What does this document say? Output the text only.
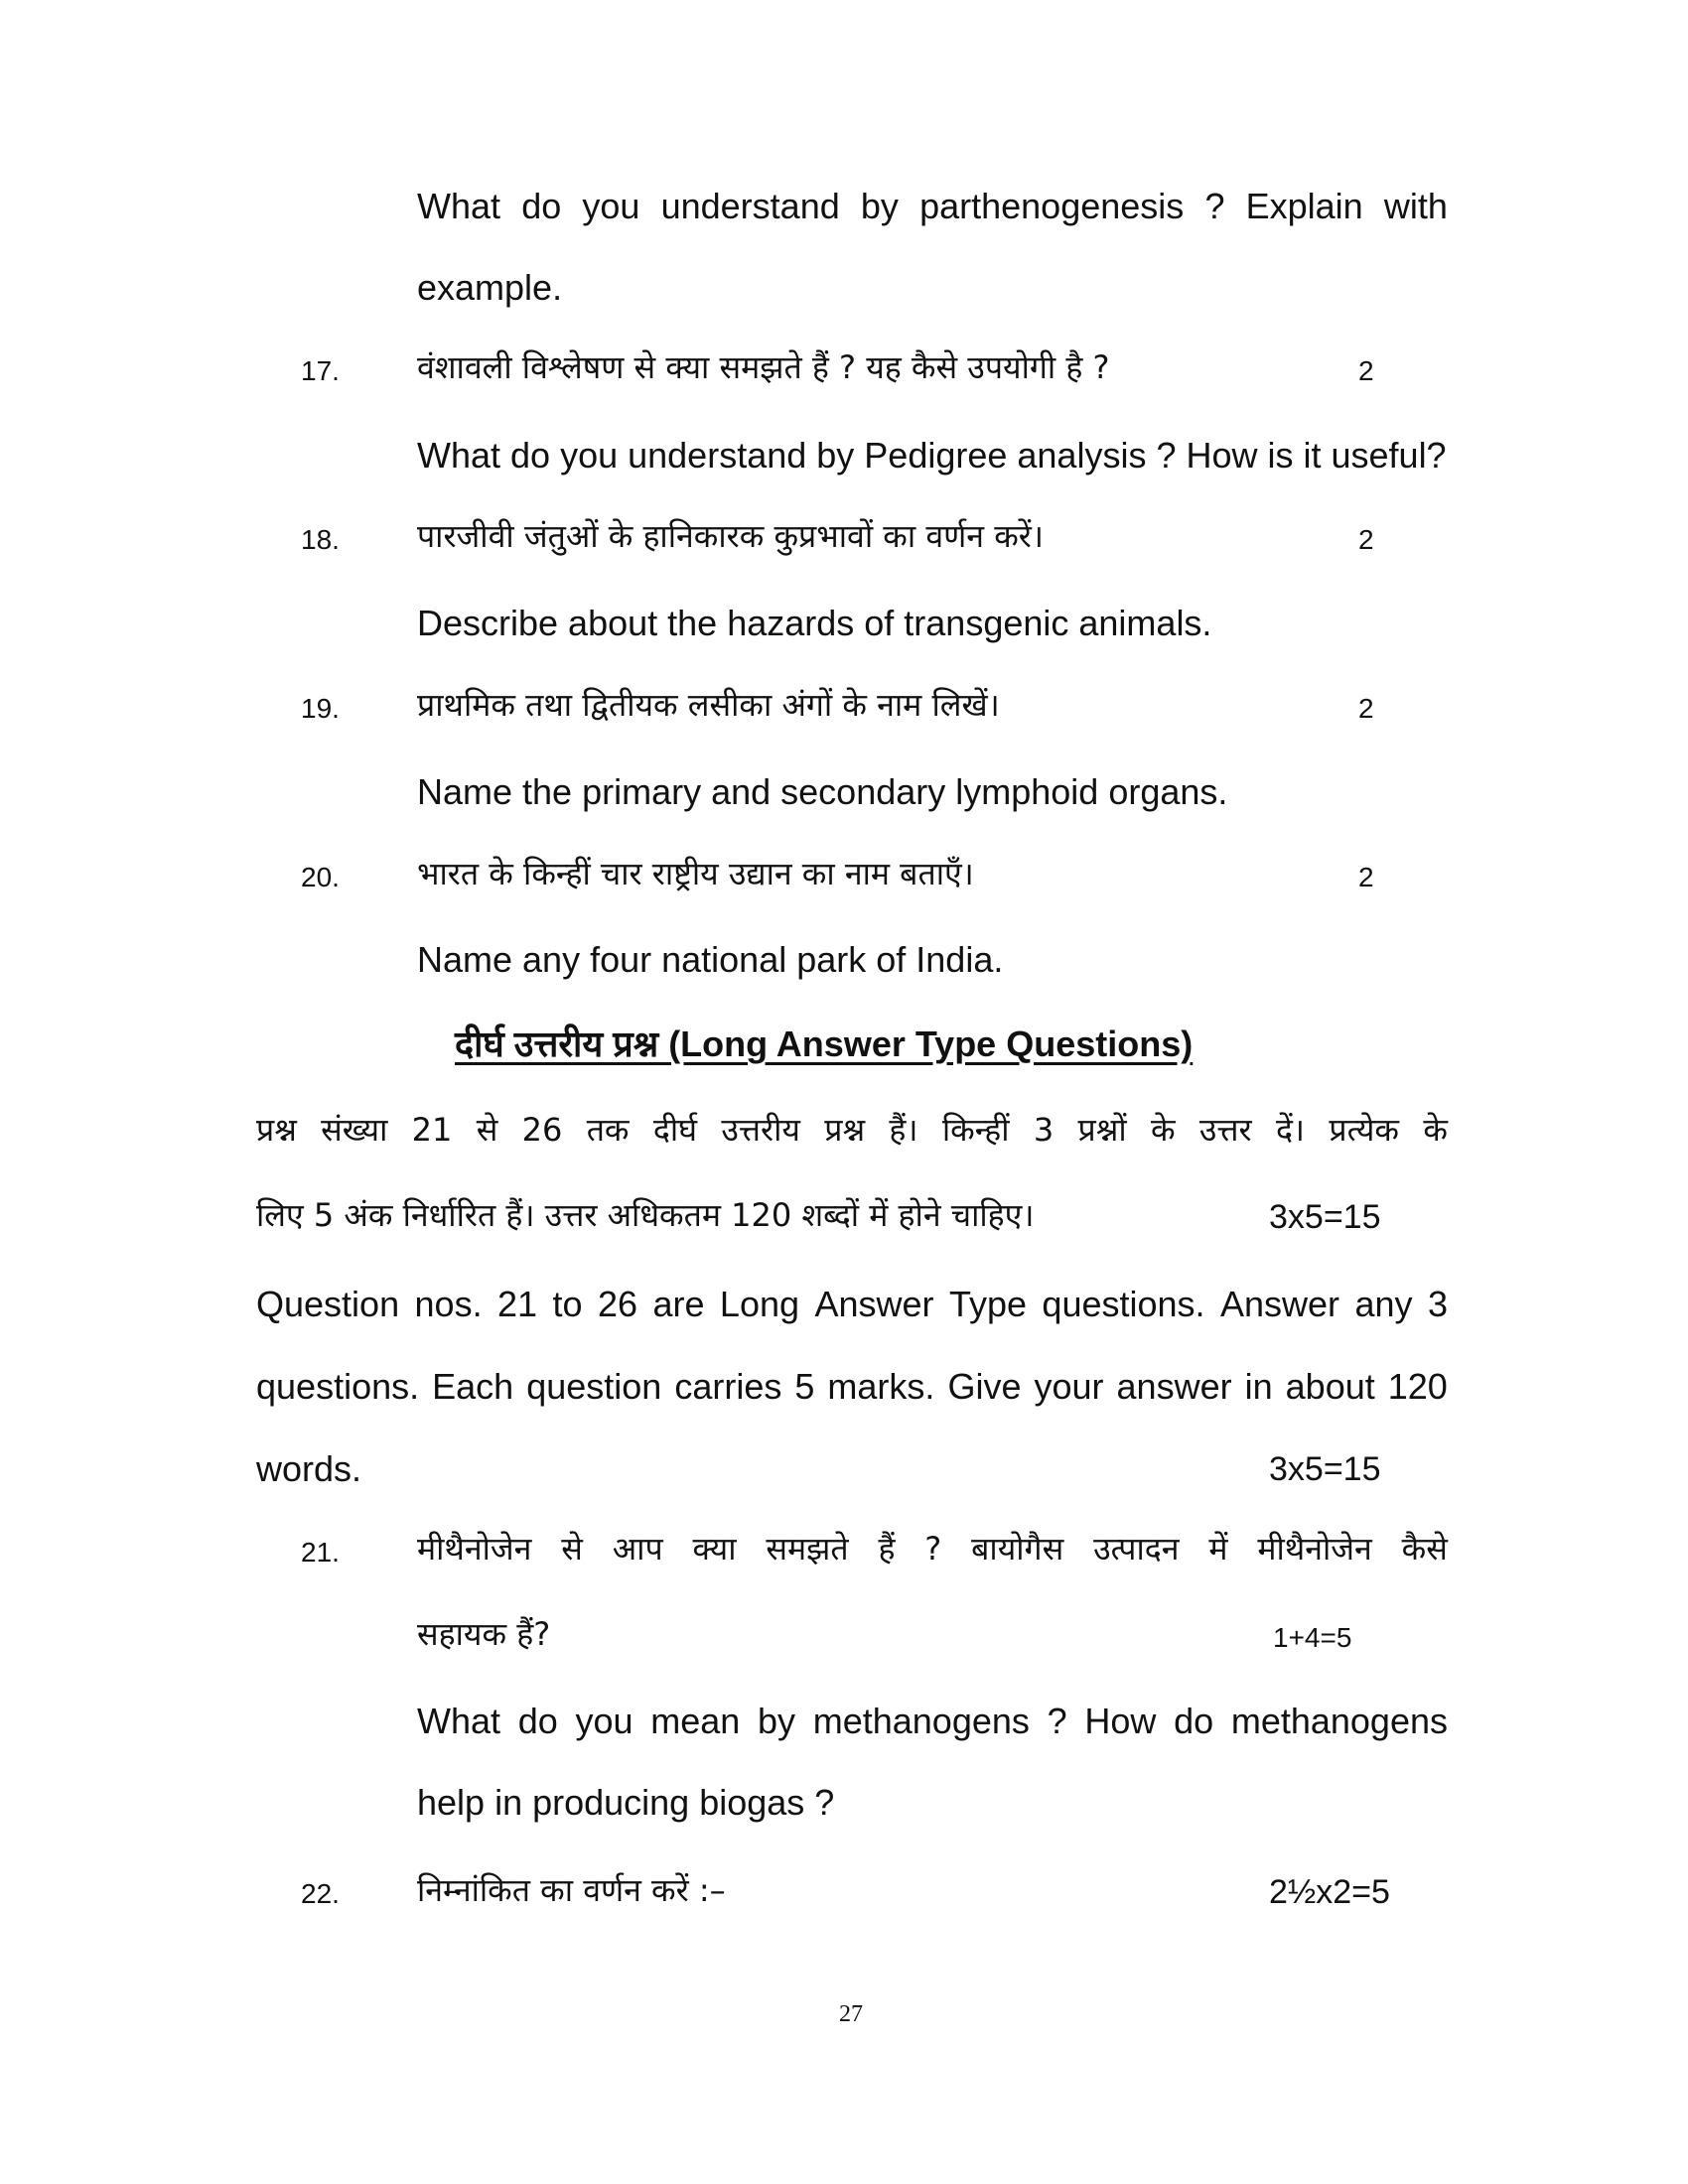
What do you understand by parthenogenesis ? Explain with
example.
17. वंशावली विश्लेषण से क्या समझते हैं ? यह कैसे उपयोगी है ?	2
What do you understand by Pedigree analysis ? How is it useful?
18. पारजीवी जंतुओं के हानिकारक कुप्रभावों का वर्णन करें।	2
Describe about the hazards of transgenic animals.
19. प्राथमिक तथा द्वितीयक लसीका अंगों के नाम लिखें।	2
Name the primary and secondary lymphoid organs.
20. भारत के किन्हीं चार राष्ट्रीय उद्यान का नाम बताएँ।	2
Name any four national park of India.
दीर्घ उत्तरीय प्रश्न (Long Answer Type Questions)
प्रश्न संख्या 21 से 26 तक दीर्घ उत्तरीय प्रश्न हैं। किन्हीं 3 प्रश्नों के उत्तर दें। प्रत्येक के
लिए 5 अंक निर्धारित हैं। उत्तर अधिकतम 120 शब्दों में होने चाहिए।	3x5=15
Question nos. 21 to 26 are Long Answer Type questions. Answer any 3
questions. Each question carries 5 marks. Give your answer in about 120
words.	3x5=15
21. मीथैनोजेन से आप क्या समझते हैं ? बायोगैस उत्पादन में मीथैनोजेन कैसे
सहायक हैं?	1+4=5
What do you mean by methanogens ? How do methanogens
help in producing biogas ?
22. निम्नांकित का वर्णन करें :–	2½x2=5
27
